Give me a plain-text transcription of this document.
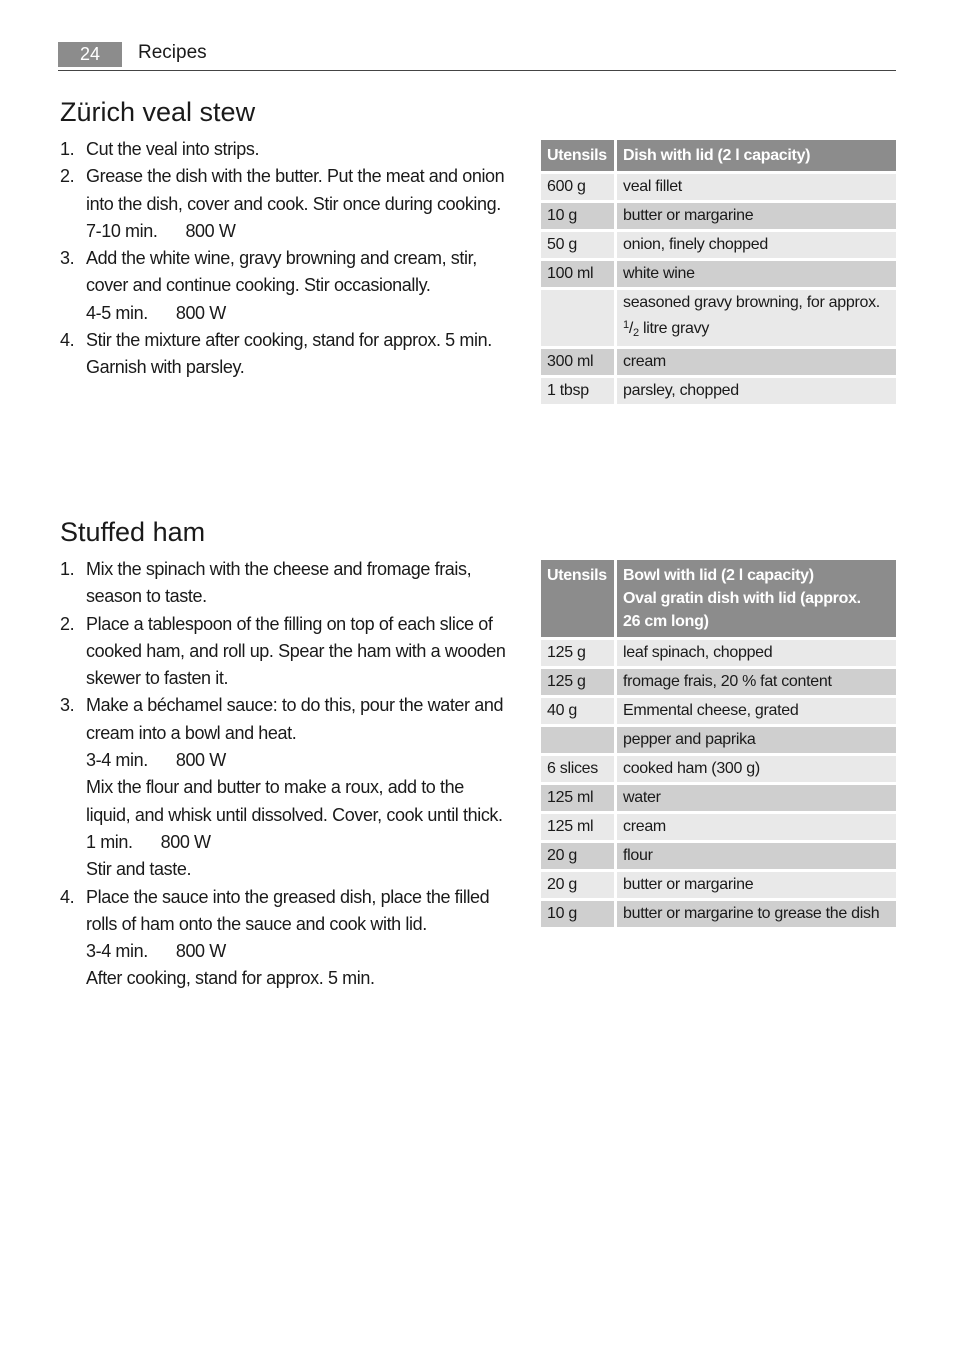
24	Recipes
Zürich veal stew
1. Cut the veal into strips.
2. Grease the dish with the butter. Put the meat and onion
into the dish, cover and cook. Stir once during cooking.
7-10 min. 800 W
3. Add the white wine, gravy browning and cream, stir,
cover and continue cooking. Stir occasionally.
4-5 min. 800 W
4. Stir the mixture after cooking, stand for approx. 5 min.
Garnish with parsley.
Utensils	Dish with lid (2 l capacity)
600 g	veal fillet
10 g	butter or margarine
50 g	onion, finely chopped
100 ml	white wine
	seasoned gravy browning, for approx.
$^1/_2$ litre gravy
300 ml	cream
1 tbsp	parsley, chopped
Stuffed ham
1. Mix the spinach with the cheese and fromage frais,
season to taste.
2. Place a tablespoon of the filling on top of each slice of
cooked ham, and roll up. Spear the ham with a wooden
skewer to fasten it.
3. Make a béchamel sauce: to do this, pour the water and
cream into a bowl and heat.
3-4 min. 800 W
Mix the flour and butter to make a roux, add to the
liquid, and whisk until dissolved. Cover, cook until thick.
1 min. 800 W
Stir and taste.
4. Place the sauce into the greased dish, place the filled
rolls of ham onto the sauce and cook with lid.
3-4 min. 800 W
After cooking, stand for approx. 5 min.
Utensils	Bowl with lid (2 l capacity)
Oval gratin dish with lid (approx.
26 cm long)
125 g	leaf spinach, chopped
125 g	fromage frais, 20 % fat content
40 g	Emmental cheese, grated
	pepper and paprika
6 slices	cooked ham (300 g)
125 ml	water
125 ml	cream
20 g	flour
20 g	butter or margarine
10 g	butter or margarine to grease the dish
